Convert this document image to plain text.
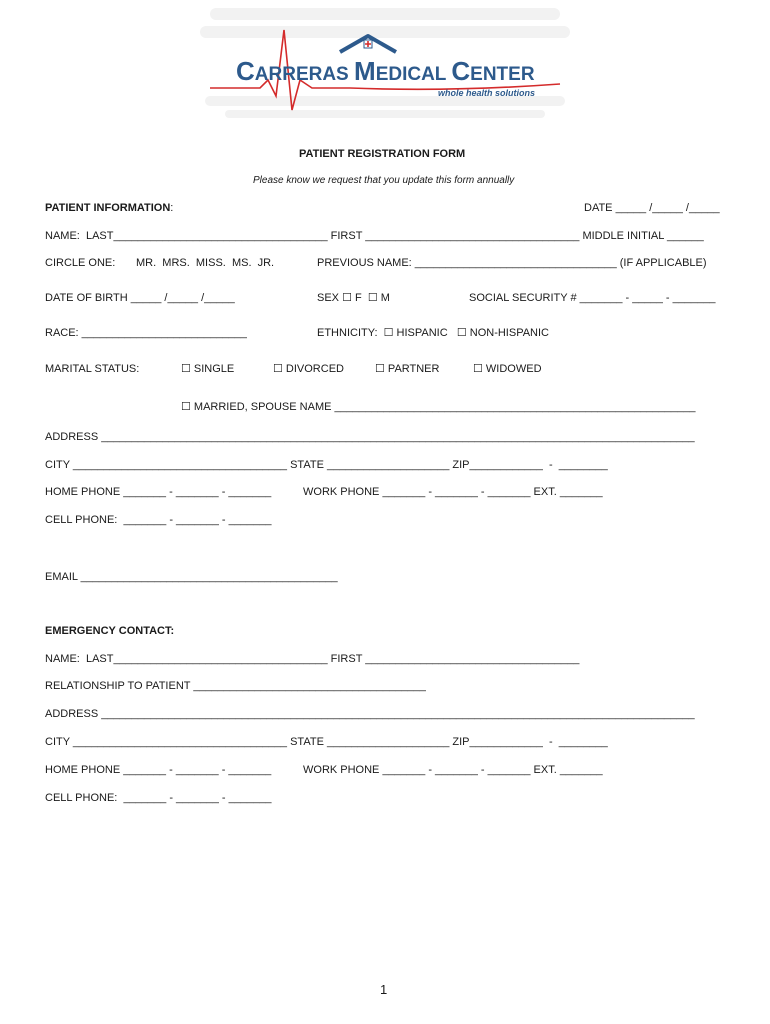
CARRERAS MEDICAL CENTER
whole health solutions
PATIENT REGISTRATION FORM
Please know we request that you update this form annually
PATIENT INFORMATION:	DATE _____ /_____ /_____
NAME:  LAST___________________________________ FIRST ___________________________________ MIDDLE INITIAL ______
CIRCLE ONE: MR.  MRS.  MISS.  MS.  JR.	PREVIOUS NAME: _________________________________ (IF APPLICABLE)
DATE OF BIRTH _____ /_____ /_____	SEX ☐ F  ☐ M	SOCIAL SECURITY # _______ - _____ - _______
RACE: ___________________________	ETHNICITY:  ☐ HISPANIC   ☐ NON-HISPANIC
MARITAL STATUS:	☐ SINGLE	☐ DIVORCED	☐ PARTNER	☐ WIDOWED
☐ MARRIED, SPOUSE NAME ___________________________________________________________
ADDRESS _________________________________________________________________________________________________
CITY ___________________________________ STATE ____________________ ZIP____________  -  ________
HOME PHONE _______ - _______ - _______	WORK PHONE _______ - _______ - _______ EXT. _______
CELL PHONE:  _______ - _______ - _______
EMAIL __________________________________________
EMERGENCY CONTACT:
NAME:  LAST___________________________________ FIRST ___________________________________
RELATIONSHIP TO PATIENT ______________________________________
ADDRESS _________________________________________________________________________________________________
CITY ___________________________________ STATE ____________________ ZIP____________  -  ________
HOME PHONE _______ - _______ - _______	WORK PHONE _______ - _______ - _______ EXT. _______
CELL PHONE:  _______ - _______ - _______
1
